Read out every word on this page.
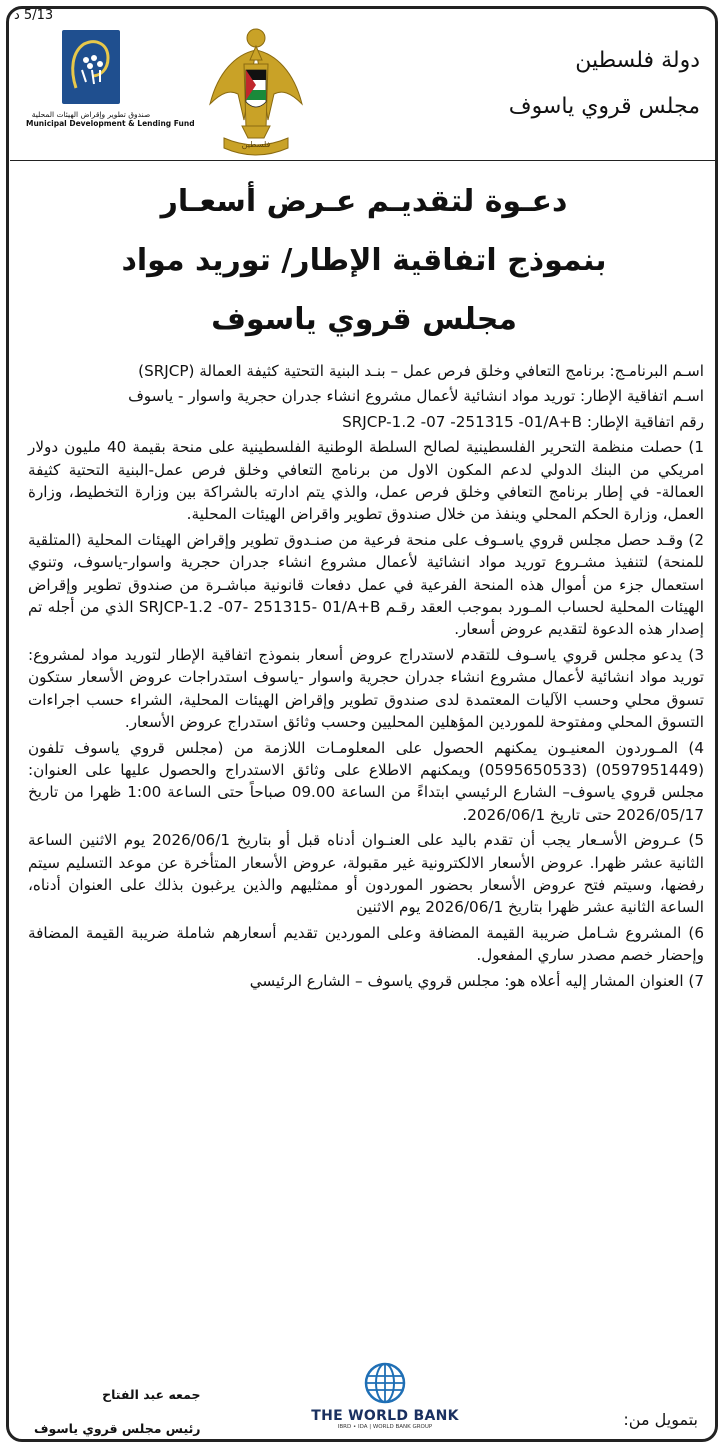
5/13 د
دولة فلسطين
مجلس قروي ياسوف
فلسطين
صندوق تطوير وإقراض الهيئات المحلية
Municipal Development & Lending Fund
دعـوة لتقديـم عـرض أسعـار
بنموذج اتفاقية الإطار/ توريد مواد
مجلس قروي ياسوف

اسـم البرنامـج: برنامج التعافي وخلق فرص عمل – بنـد البنية التحتية كثيفة العمالة (SRJCP)

اسـم اتفاقية الإطار: توريد مواد انشائية لأعمال مشروع انشاء جدران حجرية واسوار - ياسوف

رقم اتفاقية الإطار: SRJCP-1.2 -07 -251315 -01/A+B

1) حصلت منظمة التحرير الفلسطينية لصالح السلطة الوطنية الفلسطينية على منحة بقيمة 40 مليون دولار امريكي من البنك الدولي لدعم المكون الاول من برنامج التعافي وخلق فرص عمل-البنية التحتية كثيفة العمالة- في إطار برنامج التعافي وخلق فرص عمل، والذي يتم ادارته بالشراكة بين وزارة التخطيط، وزارة العمل، وزارة الحكم المحلي وينفذ من خلال صندوق تطوير واقراض الهيئات المحلية.

2) وقـد حصل مجلس قروي ياسـوف على منحة فرعية من صنـدوق تطوير وإقراض الهيئات المحلية (المتلقية للمنحة) لتنفيذ مشـروع توريد مواد انشائية لأعمال مشروع انشاء جدران حجرية واسوار-ياسوف، وتنوي استعمال جزء من أموال هذه المنحة الفرعية في عمل دفعات قانونية مباشـرة من صندوق تطوير وإقراض الهيئات المحلية لحساب المـورد بموجب العقد رقـم SRJCP-1.2 -07- 251315- 01/A+B الذي من أجله تم إصدار هذه الدعوة لتقديم عروض أسعار.

3) يدعو مجلس قروي ياسـوف للتقدم لاستدراج عروض أسعار بنموذج اتفاقية الإطار لتوريد مواد لمشروع: توريد مواد انشائية لأعمال مشروع انشاء جدران حجرية واسوار -ياسوف استدراجات عروض الأسعار ستكون تسوق محلي وحسب الآليات المعتمدة لدى صندوق تطوير وإقراض الهيئات المحلية، الشراء حسب اجراءات التسوق المحلي ومفتوحة للموردين المؤهلين المحليين وحسب وثائق استدراج عروض الأسعار.

4) المـوردون المعنيـون يمكنهم الحصول على المعلومـات اللازمة من (مجلس قروي ياسوف تلفون (0597951449) (0595650533) ويمكنهم الاطلاع على وثائق الاستدراج والحصول عليها على العنوان: مجلس قروي ياسوف– الشارع الرئيسي ابتداءً من الساعة 09.00 صباحاً حتى الساعة 1:00 ظهرا من تاريخ 2026/05/17 حتى تاريخ 2026/06/1.

5) عـروض الأسـعار يجب أن تقدم باليد على العنـوان أدناه قبل أو بتاريخ 2026/06/1 يوم الاثنين الساعة الثانية عشر ظهرا. عروض الأسعار الالكترونية غير مقبولة، عروض الأسعار المتأخرة عن موعد التسليم سيتم رفضها، وسيتم فتح عروض الأسعار بحضور الموردون أو ممثليهم والذين يرغبون بذلك على العنوان أدناه، الساعة الثانية عشر ظهرا بتاريخ 2026/06/1 يوم الاثنين

6) المشروع شـامل ضريبة القيمة المضافة وعلى الموردين تقديم أسعارهم شاملة ضريبة القيمة المضافة وإحضار خصم مصدر ساري المفعول.

7) العنوان المشار إليه أعلاه هو: مجلس قروي ياسوف – الشارع الرئيسي

بتمويل من:
THE WORLD BANK
IBRD • IDA | WORLD BANK GROUP
جمعه عبد الفتاح
رئيس مجلس قروي ياسوف
